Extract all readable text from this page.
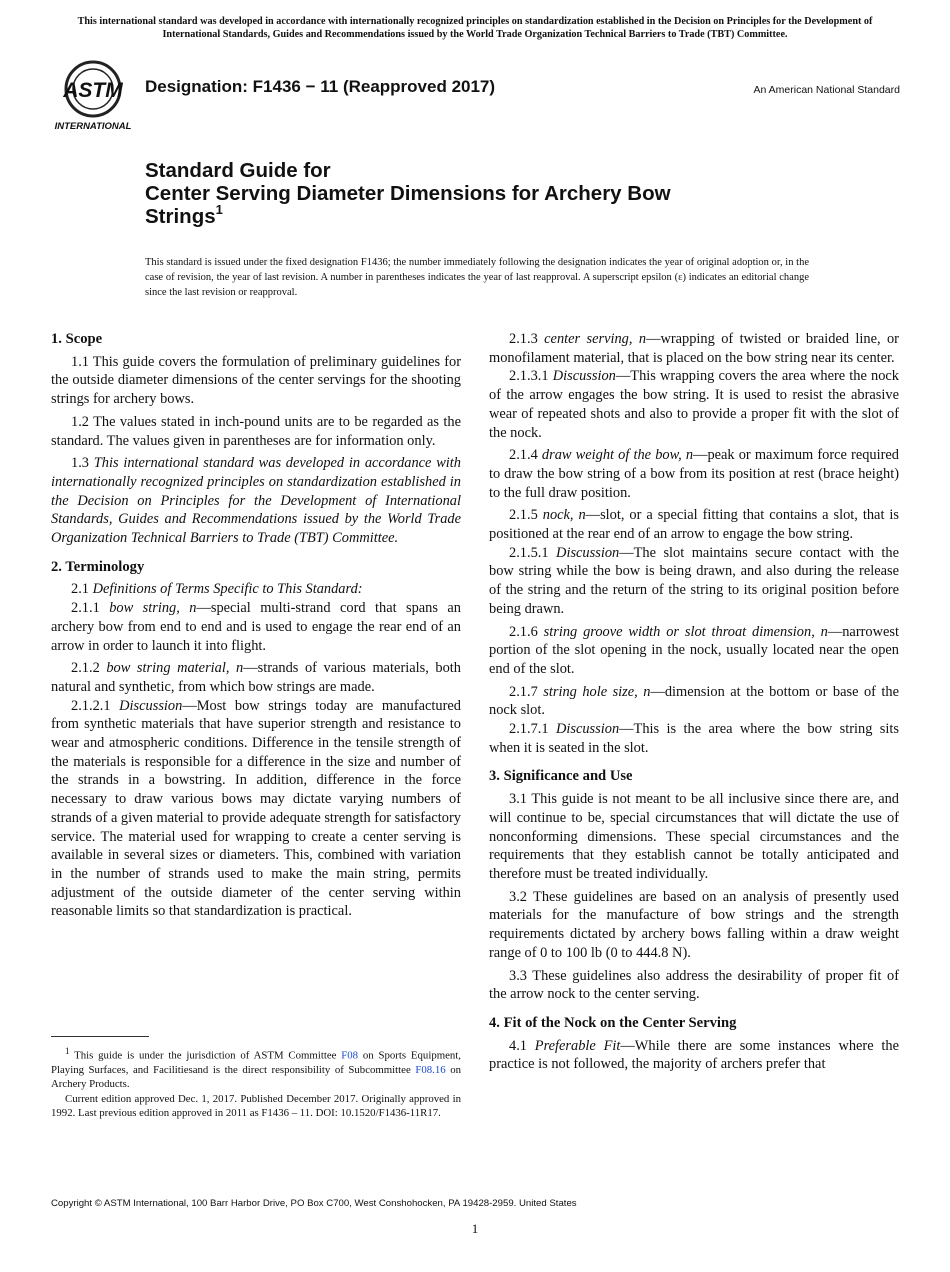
This international standard was developed in accordance with internationally recognized principles on standardization established in the Decision on Principles for the Development of International Standards, Guides and Recommendations issued by the World Trade Organization Technical Barriers to Trade (TBT) Committee.
ASTM
INTERNATIONAL
Designation: F1436 − 11 (Reapproved 2017)	An American National Standard
Standard Guide for
Center Serving Diameter Dimensions for Archery Bow
Strings$^1$
This standard is issued under the fixed designation F1436; the number immediately following the designation indicates the year of original adoption or, in the case of revision, the year of last revision. A number in parentheses indicates the year of last reapproval. A superscript epsilon (ε) indicates an editorial change since the last revision or reapproval.
1. Scope

1.1 This guide covers the formulation of preliminary guidelines for the outside diameter dimensions of the center servings for the shooting strings for archery bows.

1.2 The values stated in inch-pound units are to be regarded as the standard. The values given in parentheses are for information only.

1.3 This international standard was developed in accordance with internationally recognized principles on standardization established in the Decision on Principles for the Development of International Standards, Guides and Recommendations issued by the World Trade Organization Technical Barriers to Trade (TBT) Committee.

2. Terminology

2.1 Definitions of Terms Specific to This Standard:

2.1.1 bow string, n—special multi-strand cord that spans an archery bow from end to end and is used to engage the rear end of an arrow in order to launch it into flight.

2.1.2 bow string material, n—strands of various materials, both natural and synthetic, from which bow strings are made.

2.1.2.1 Discussion—Most bow strings today are manufactured from synthetic materials that have superior strength and resistance to wear and atmospheric conditions. Difference in the tensile strength of the materials is responsible for a difference in the size and number of the strands in a bowstring. In addition, difference in the force necessary to draw various bows may dictate varying numbers of strands of a given material to provide adequate strength for satisfactory service. The material used for wrapping to create a center serving is available in several sizes or diameters. This, combined with variation in the number of strands used to make the main string, permits adjustment of the outside diameter of the center serving within reasonable limits so that standardization is practical.

$^1$ This guide is under the jurisdiction of ASTM Committee F08 on Sports Equipment, Playing Surfaces, and Facilitiesand is the direct responsibility of Subcommittee F08.16 on Archery Products.

Current edition approved Dec. 1, 2017. Published December 2017. Originally approved in 1992. Last previous edition approved in 2011 as F1436 – 11. DOI: 10.1520/F1436-11R17.

2.1.3 center serving, n—wrapping of twisted or braided line, or monofilament material, that is placed on the bow string near its center.

2.1.3.1 Discussion—This wrapping covers the area where the nock of the arrow engages the bow string. It is used to resist the abrasive wear of repeated shots and also to provide a proper fit with the slot of the nock.

2.1.4 draw weight of the bow, n—peak or maximum force required to draw the bow string of a bow from its position at rest (brace height) to the full draw position.

2.1.5 nock, n—slot, or a special fitting that contains a slot, that is positioned at the rear end of an arrow to engage the bow string.

2.1.5.1 Discussion—The slot maintains secure contact with the bow string while the bow is being drawn, and also during the release of the string and the return of the string to its original position before being drawn.

2.1.6 string groove width or slot throat dimension, n—narrowest portion of the slot opening in the nock, usually located near the open end of the slot.

2.1.7 string hole size, n—dimension at the bottom or base of the nock slot.

2.1.7.1 Discussion—This is the area where the bow string sits when it is seated in the slot.

3. Significance and Use

3.1 This guide is not meant to be all inclusive since there are, and will continue to be, special circumstances that will dictate the use of nonconforming dimensions. These special circumstances and the requirements that they establish cannot be totally anticipated and therefore must be treated individually.

3.2 These guidelines are based on an analysis of presently used materials for the manufacture of bow strings and the strength requirements dictated by archery bows falling within a draw weight range of 0 to 100 lb (0 to 444.8 N).

3.3 These guidelines also address the desirability of proper fit of the arrow nock to the center serving.

4. Fit of the Nock on the Center Serving

4.1 Preferable Fit—While there are some instances where the practice is not followed, the majority of archers prefer that

Copyright © ASTM International, 100 Barr Harbor Drive, PO Box C700, West Conshohocken, PA 19428-2959. United States
1
